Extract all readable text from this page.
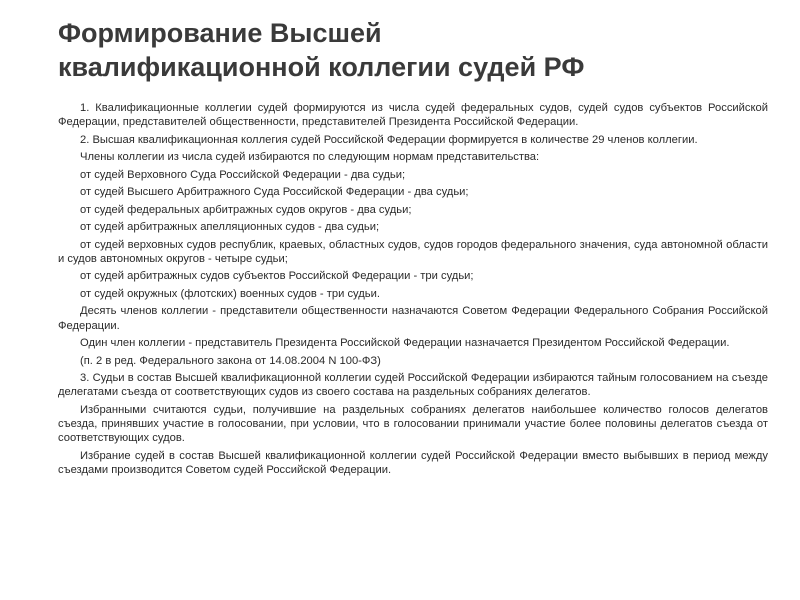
Формирование Высшей
квалификационной коллегии судей РФ

1. Квалификационные коллегии судей формируются из числа судей федеральных судов, судей судов субъектов Российской Федерации, представителей общественности, представителей Президента Российской Федерации.

2. Высшая квалификационная коллегия судей Российской Федерации формируется в количестве 29 членов коллегии.

Члены коллегии из числа судей избираются по следующим нормам представительства:

от судей Верховного Суда Российской Федерации - два судьи;

от судей Высшего Арбитражного Суда Российской Федерации - два судьи;

от судей федеральных арбитражных судов округов - два судьи;

от судей арбитражных апелляционных судов - два судьи;

от судей верховных судов республик, краевых, областных судов, судов городов федерального значения, суда автономной области и судов автономных округов - четыре судьи;

от судей арбитражных судов субъектов Российской Федерации - три судьи;

от судей окружных (флотских) военных судов - три судьи.

Десять членов коллегии - представители общественности назначаются Советом Федерации Федерального Собрания Российской Федерации.

Один член коллегии - представитель Президента Российской Федерации назначается Президентом Российской Федерации.

(п. 2 в ред. Федерального закона от 14.08.2004 N 100-ФЗ)

3. Судьи в состав Высшей квалификационной коллегии судей Российской Федерации избираются тайным голосованием на съезде делегатами съезда от соответствующих судов из своего состава на раздельных собраниях делегатов.

Избранными считаются судьи, получившие на раздельных собраниях делегатов наибольшее количество голосов делегатов съезда, принявших участие в голосовании, при условии, что в голосовании принимали участие более половины делегатов съезда от соответствующих судов.

Избрание судей в состав Высшей квалификационной коллегии судей Российской Федерации вместо выбывших в период между съездами производится Советом судей Российской Федерации.
